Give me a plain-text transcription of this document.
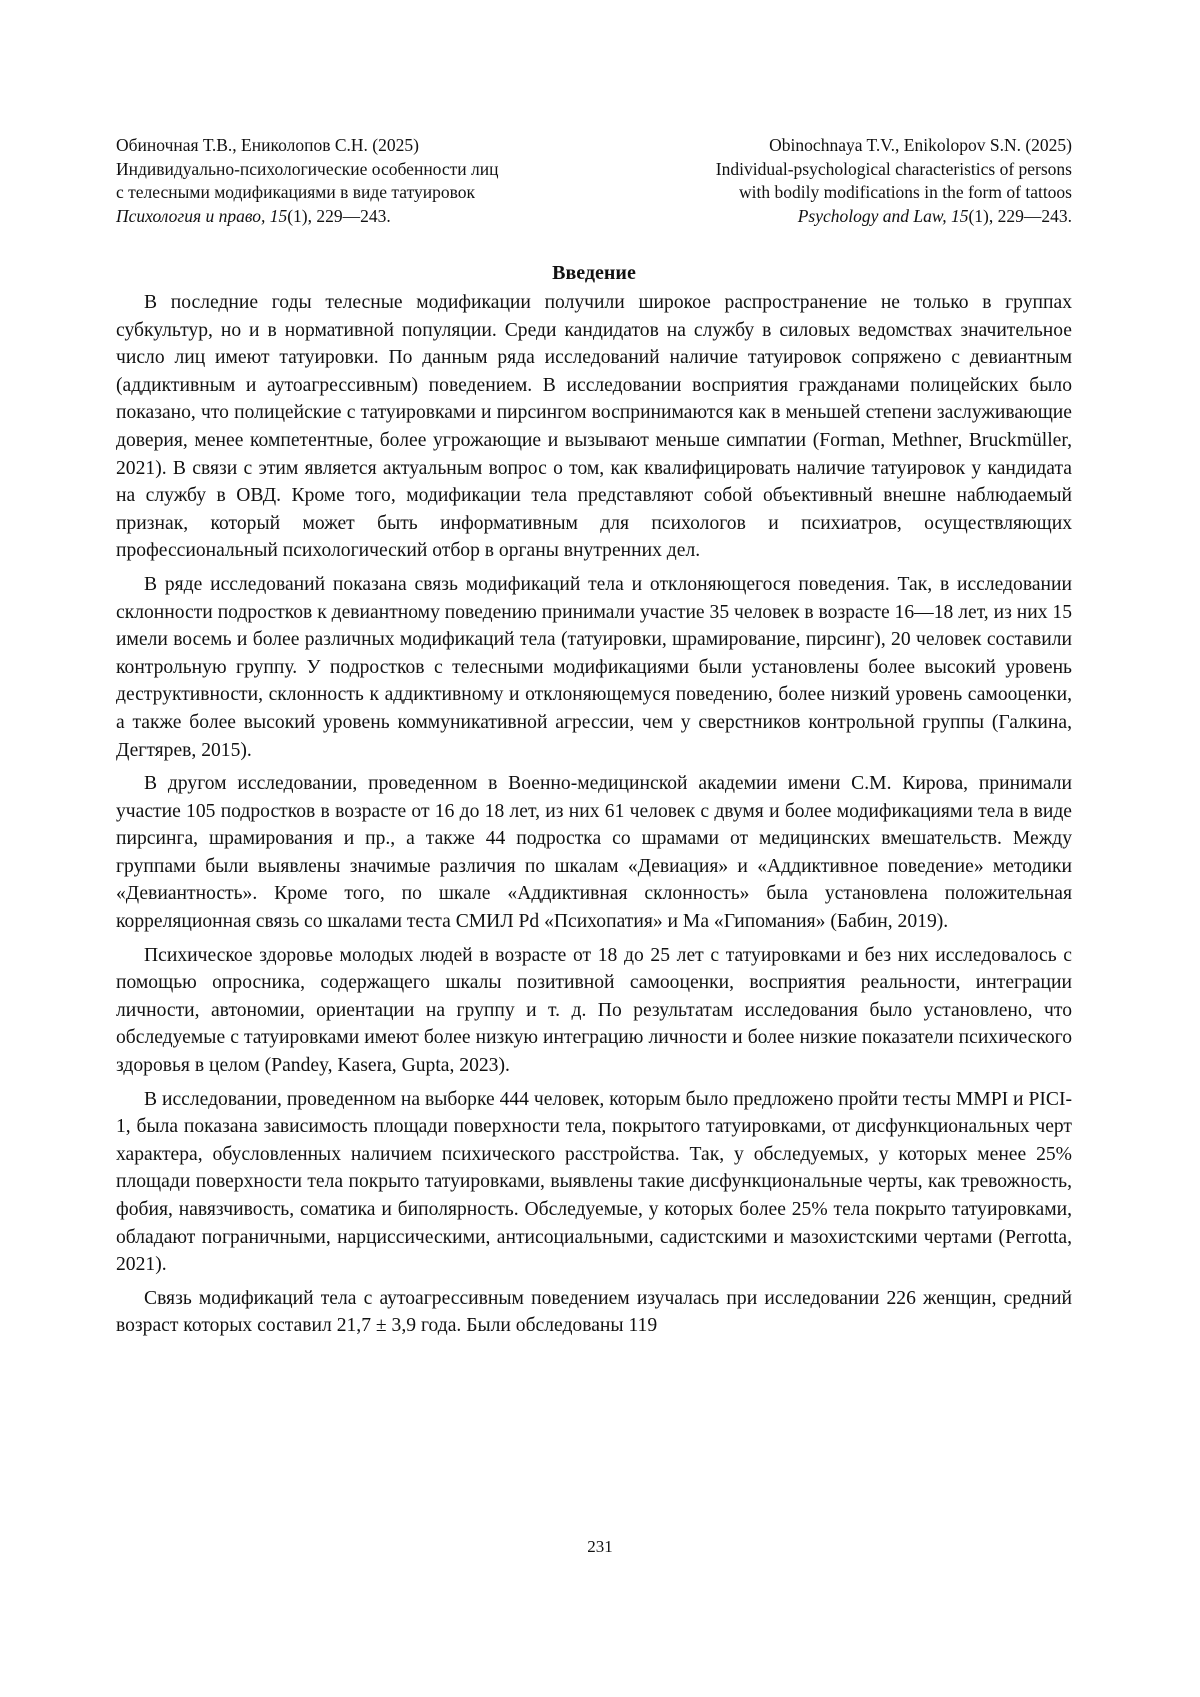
Обиночная Т.В., Ениколопов С.Н. (2025)
Индивидуально-психологические особенности лиц
с телесными модификациями в виде татуировок
Психология и право, 15(1), 229—243.
Obinochnaya T.V., Enikolopov S.N. (2025)
Individual-psychological characteristics of persons
with bodily modifications in the form of tattoos
Psychology and Law, 15(1), 229—243.
Введение

В последние годы телесные модификации получили широкое распространение не только в группах субкультур, но и в нормативной популяции. Среди кандидатов на службу в силовых ведомствах значительное число лиц имеют татуировки. По данным ряда исследований наличие татуировок сопряжено с девиантным (аддиктивным и аутоагрессивным) поведением. В исследовании восприятия гражданами полицейских было показано, что полицейские с татуировками и пирсингом воспринимаются как в меньшей степени заслуживающие доверия, менее компетентные, более угрожающие и вызывают меньше симпатии (Forman, Methner, Bruckmüller, 2021). В связи с этим является актуальным вопрос о том, как квалифицировать наличие татуировок у кандидата на службу в ОВД. Кроме того, модификации тела представляют собой объективный внешне наблюдаемый признак, который может быть информативным для психологов и психиатров, осуществляющих профессиональный психологический отбор в органы внутренних дел.

В ряде исследований показана связь модификаций тела и отклоняющегося поведения. Так, в исследовании склонности подростков к девиантному поведению принимали участие 35 человек в возрасте 16—18 лет, из них 15 имели восемь и более различных модификаций тела (татуировки, шрамирование, пирсинг), 20 человек составили контрольную группу. У подростков с телесными модификациями были установлены более высокий уровень деструктивности, склонность к аддиктивному и отклоняющемуся поведению, более низкий уровень самооценки, а также более высокий уровень коммуникативной агрессии, чем у сверстников контрольной группы (Галкина, Дегтярев, 2015).

В другом исследовании, проведенном в Военно-медицинской академии имени С.М. Кирова, принимали участие 105 подростков в возрасте от 16 до 18 лет, из них 61 человек с двумя и более модификациями тела в виде пирсинга, шрамирования и пр., а также 44 подростка со шрамами от медицинских вмешательств. Между группами были выявлены значимые различия по шкалам «Девиация» и «Аддиктивное поведение» методики «Девиантность». Кроме того, по шкале «Аддиктивная склонность» была установлена положительная корреляционная связь со шкалами теста СМИЛ Pd «Психопатия» и Ма «Гипомания» (Бабин, 2019).

Психическое здоровье молодых людей в возрасте от 18 до 25 лет с татуировками и без них исследовалось с помощью опросника, содержащего шкалы позитивной самооценки, восприятия реальности, интеграции личности, автономии, ориентации на группу и т. д. По результатам исследования было установлено, что обследуемые с татуировками имеют более низкую интеграцию личности и более низкие показатели психического здоровья в целом (Pandey, Kasera, Gupta, 2023).

В исследовании, проведенном на выборке 444 человек, которым было предложено пройти тесты MMPI и PICI-1, была показана зависимость площади поверхности тела, покрытого татуировками, от дисфункциональных черт характера, обусловленных наличием психического расстройства. Так, у обследуемых, у которых менее 25% площади поверхности тела покрыто татуировками, выявлены такие дисфункциональные черты, как тревожность, фобия, навязчивость, соматика и биполярность. Обследуемые, у которых более 25% тела покрыто татуировками, обладают пограничными, нарциссическими, антисоциальными, садистскими и мазохистскими чертами (Perrotta, 2021).

Связь модификаций тела с аутоагрессивным поведением изучалась при исследовании 226 женщин, средний возраст которых составил 21,7 ± 3,9 года. Были обследованы 119

231
